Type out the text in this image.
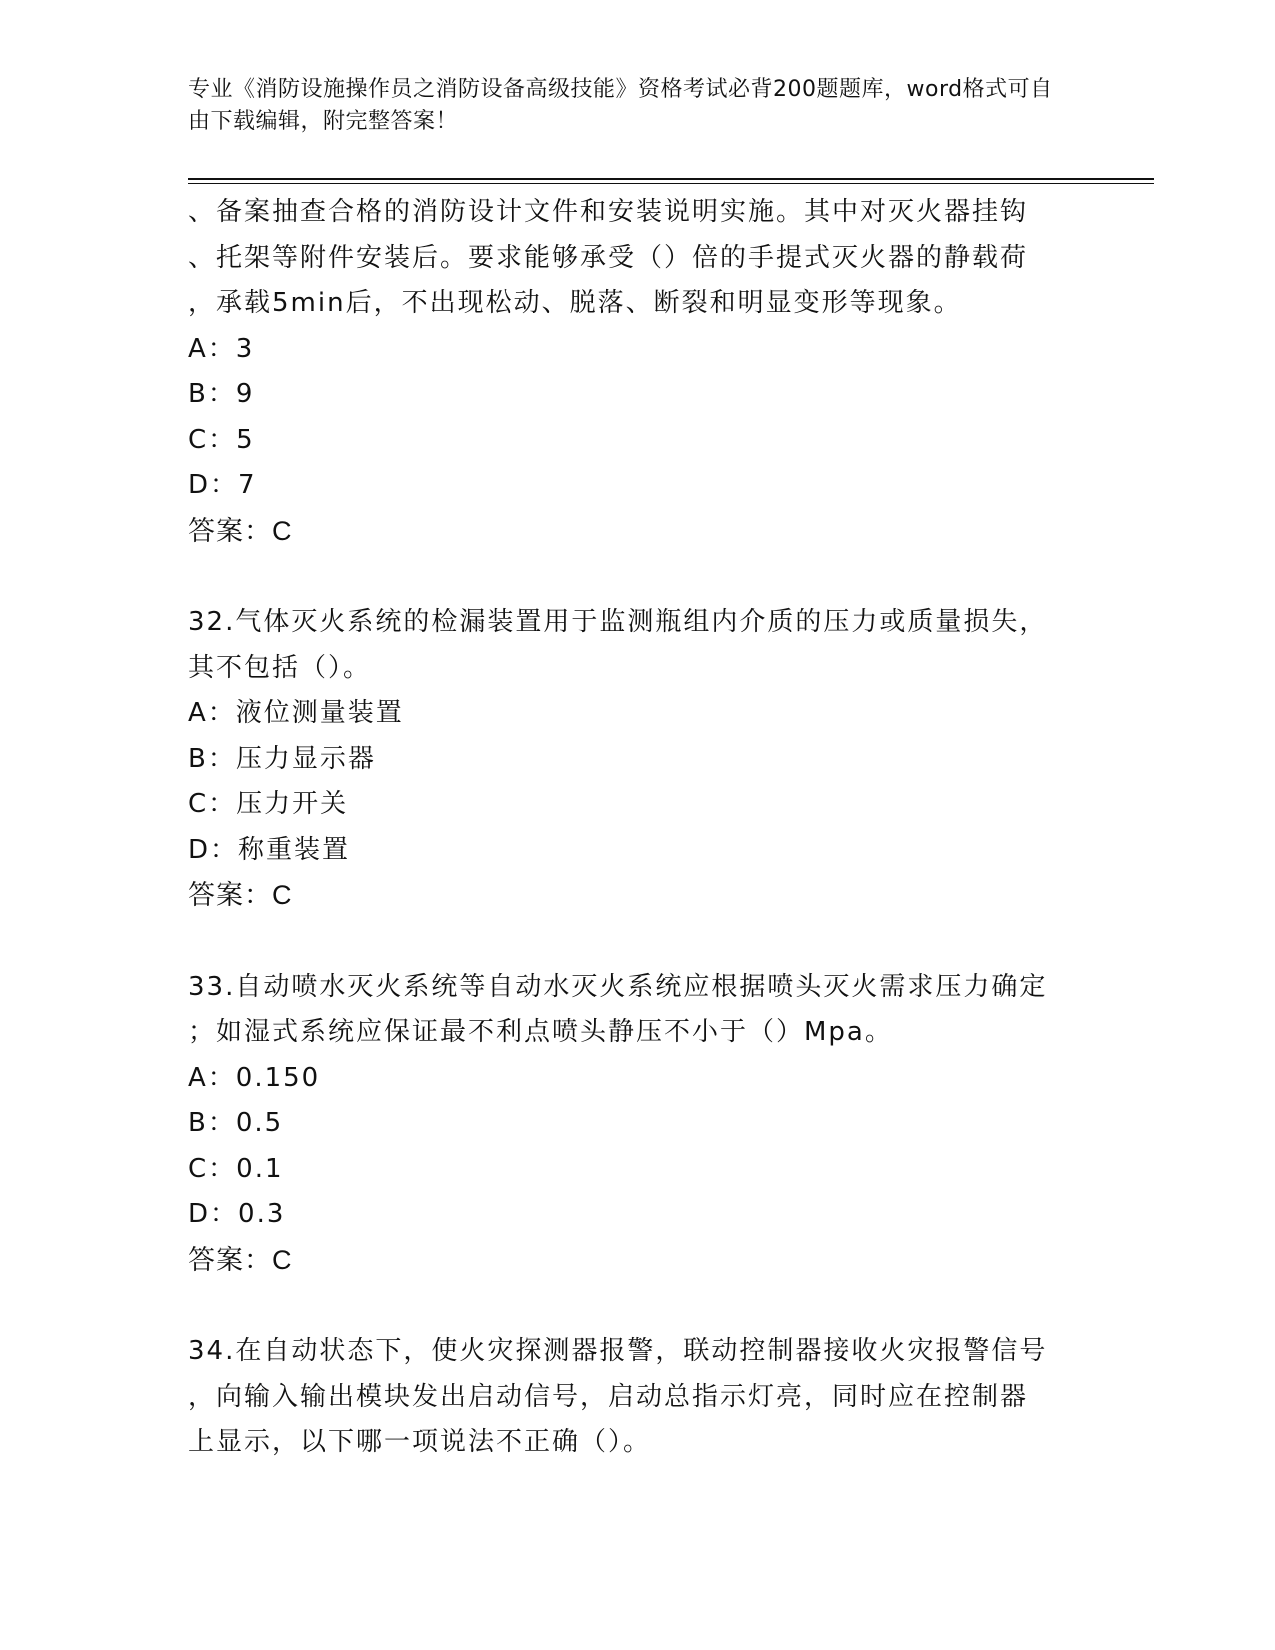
专业《消防设施操作员之消防设备高级技能》资格考试必背200题题库，word格式可自由下载编辑，附完整答案！

、备案抽查合格的消防设计文件和安装说明实施。其中对灭火器挂钩
、托架等附件安装后。要求能够承受（）倍的手提式灭火器的静载荷
，承载5min后，不出现松动、脱落、断裂和明显变形等现象。
A：3
B：9
C：5
D：7
答案：C
32.气体灭火系统的检漏装置用于监测瓶组内介质的压力或质量损失，
其不包括（）。
A：液位测量装置
B：压力显示器
C：压力开关
D：称重装置
答案：C
33.自动喷水灭火系统等自动水灭火系统应根据喷头灭火需求压力确定
；如湿式系统应保证最不利点喷头静压不小于（）Mpa。
A：0.150
B：0.5
C：0.1
D：0.3
答案：C
34.在自动状态下，使火灾探测器报警，联动控制器接收火灾报警信号
，向输入输出模块发出启动信号，启动总指示灯亮，同时应在控制器
上显示，以下哪一项说法不正确（）。
